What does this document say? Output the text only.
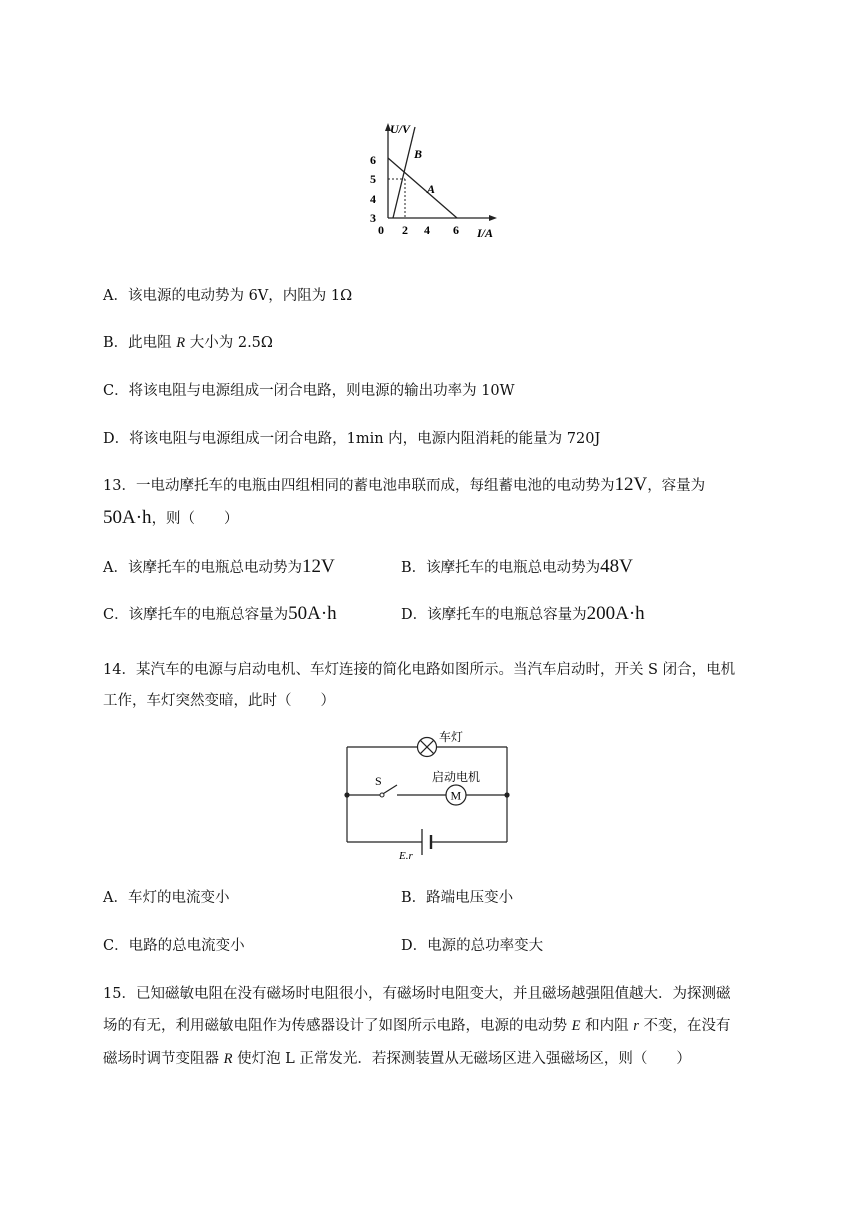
U/V
I/A
B
A
6
5
4
3
0 2 4 6
A．该电源的电动势为 6V，内阻为 1Ω
B．此电阻 R 大小为 2.5Ω
C．将该电阻与电源组成一闭合电路，则电源的输出功率为 10W
D．将该电阻与电源组成一闭合电路，1min 内，电源内阻消耗的能量为 720J
13．一电动摩托车的电瓶由四组相同的蓄电池串联而成，每组蓄电池的电动势为12V，容量为
50A·h，则（　　）
A．该摩托车的电瓶总电动势为12V	B．该摩托车的电瓶总电动势为48V
C．该摩托车的电瓶总容量为50A·h	D．该摩托车的电瓶总容量为200A·h
14．某汽车的电源与启动电机、车灯连接的简化电路如图所示。当汽车启动时，开关 S 闭合，电机
工作，车灯突然变暗，此时（　　）
车灯
M
S	启动电机
E.r
A．车灯的电流变小	B．路端电压变小
C．电路的总电流变小	D．电源的总功率变大
15．已知磁敏电阻在没有磁场时电阻很小，有磁场时电阻变大，并且磁场越强阻值越大．为探测磁
场的有无，利用磁敏电阻作为传感器设计了如图所示电路，电源的电动势 E 和内阻 r 不变，在没有
磁场时调节变阻器 R 使灯泡 L 正常发光．若探测装置从无磁场区进入强磁场区，则（　　）
